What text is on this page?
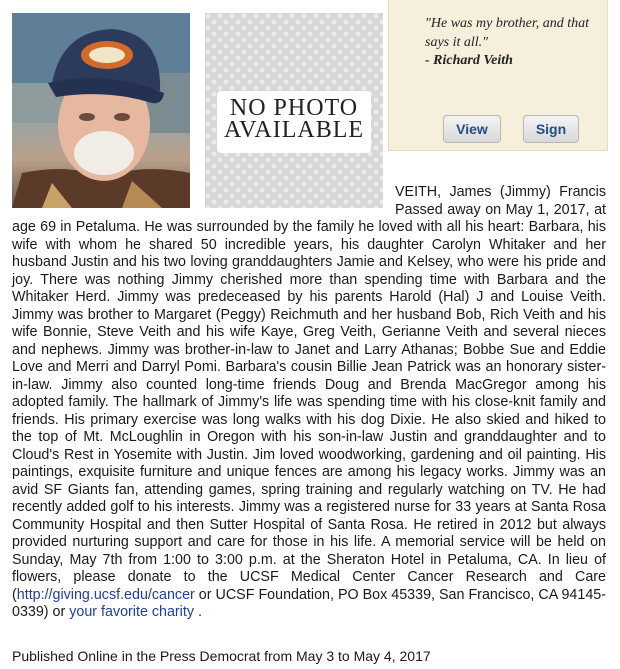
NO PHOTO
AVAILABLE
"He was my brother, and that says it all."
- Richard Veith
View	Sign
VEITH, James (Jimmy) Francis Passed away on May 1, 2017, at age 69 in Petaluma. He was surrounded by the family he loved with all his heart: Barbara, his wife with whom he shared 50 incredible years, his daughter Carolyn Whitaker and her husband Justin and his two loving granddaughters Jamie and Kelsey, who were his pride and joy. There was nothing Jimmy cherished more than spending time with Barbara and the Whitaker Herd. Jimmy was predeceased by his parents Harold (Hal) J and Louise Veith. Jimmy was brother to Margaret (Peggy) Reichmuth and her husband Bob, Rich Veith and his wife Bonnie, Steve Veith and his wife Kaye, Greg Veith, Gerianne Veith and several nieces and nephews. Jimmy was brother-in-law to Janet and Larry Athanas; Bobbe Sue and Eddie Love and Merri and Darryl Pomi. Barbara's cousin Billie Jean Patrick was an honorary sister-in-law. Jimmy also counted long-time friends Doug and Brenda MacGregor among his adopted family. The hallmark of Jimmy's life was spending time with his close-knit family and friends. His primary exercise was long walks with his dog Dixie. He also skied and hiked to the top of Mt. McLoughlin in Oregon with his son-in-law Justin and granddaughter and to Cloud's Rest in Yosemite with Justin. Jim loved woodworking, gardening and oil painting. His paintings, exquisite furniture and unique fences are among his legacy works. Jimmy was an avid SF Giants fan, attending games, spring training and regularly watching on TV. He had recently added golf to his interests. Jimmy was a registered nurse for 33 years at Santa Rosa Community Hospital and then Sutter Hospital of Santa Rosa. He retired in 2012 but always provided nurturing support and care for those in his life. A memorial service will be held on Sunday, May 7th from 1:00 to 3:00 p.m. at the Sheraton Hotel in Petaluma, CA. In lieu of flowers, please donate to the UCSF Medical Center Cancer Research and Care (http://giving.ucsf.edu/cancer or UCSF Foundation, PO Box 45339, San Francisco, CA 94145-0339) or your favorite charity .
Published Online in the Press Democrat from May 3 to May 4, 2017
